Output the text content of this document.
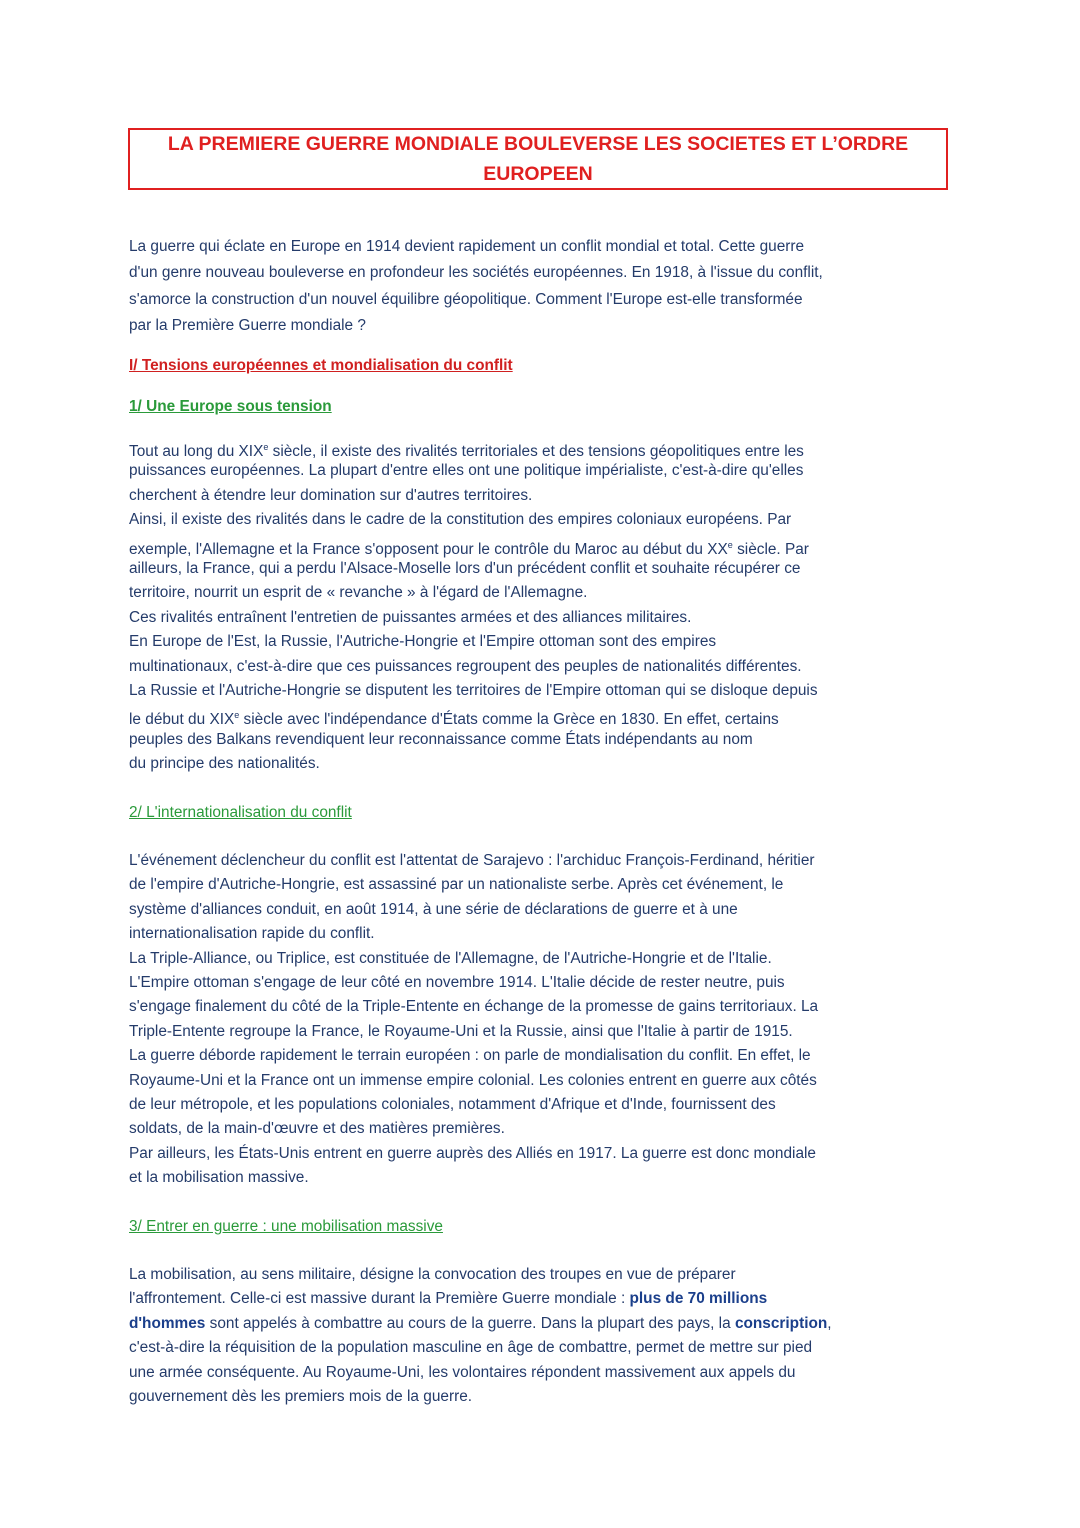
LA PREMIERE GUERRE MONDIALE BOULEVERSE LES SOCIETES ET L’ORDRE
EUROPEEN
La guerre qui éclate en Europe en 1914 devient rapidement un conflit mondial et total. Cette guerre
d'un genre nouveau bouleverse en profondeur les sociétés européennes. En 1918, à l'issue du conflit,
s'amorce la construction d'un nouvel équilibre géopolitique. Comment l'Europe est-elle transformée
par la Première Guerre mondiale ?
I/ Tensions européennes et mondialisation du conflit
1/ Une Europe sous tension
Tout au long du XIXe siècle, il existe des rivalités territoriales et des tensions géopolitiques entre les
puissances européennes. La plupart d'entre elles ont une politique impérialiste, c'est-à-dire qu'elles
cherchent à étendre leur domination sur d'autres territoires.
Ainsi, il existe des rivalités dans le cadre de la constitution des empires coloniaux européens. Par
exemple, l'Allemagne et la France s'opposent pour le contrôle du Maroc au début du XXe siècle. Par
ailleurs, la France, qui a perdu l'Alsace-Moselle lors d'un précédent conflit et souhaite récupérer ce
territoire, nourrit un esprit de « revanche » à l'égard de l'Allemagne.
Ces rivalités entraînent l'entretien de puissantes armées et des alliances militaires.
En Europe de l'Est, la Russie, l'Autriche-Hongrie et l'Empire ottoman sont des empires
multinationaux, c'est-à-dire que ces puissances regroupent des peuples de nationalités différentes.
La Russie et l'Autriche-Hongrie se disputent les territoires de l'Empire ottoman qui se disloque depuis
le début du XIXe siècle avec l'indépendance d'États comme la Grèce en 1830. En effet, certains
peuples des Balkans revendiquent leur reconnaissance comme États indépendants au nom
du principe des nationalités.
2/ L'internationalisation du conflit
L'événement déclencheur du conflit est l'attentat de Sarajevo : l'archiduc François-Ferdinand, héritier
de l'empire d'Autriche-Hongrie, est assassiné par un nationaliste serbe. Après cet événement, le
système d'alliances conduit, en août 1914, à une série de déclarations de guerre et à une
internationalisation rapide du conflit.
La Triple-Alliance, ou Triplice, est constituée de l'Allemagne, de l'Autriche-Hongrie et de l'Italie.
L'Empire ottoman s'engage de leur côté en novembre 1914. L'Italie décide de rester neutre, puis
s'engage finalement du côté de la Triple-Entente en échange de la promesse de gains territoriaux. La
Triple-Entente regroupe la France, le Royaume-Uni et la Russie, ainsi que l'Italie à partir de 1915.
La guerre déborde rapidement le terrain européen : on parle de mondialisation du conflit. En effet, le
Royaume-Uni et la France ont un immense empire colonial. Les colonies entrent en guerre aux côtés
de leur métropole, et les populations coloniales, notamment d'Afrique et d'Inde, fournissent des
soldats, de la main-d'œuvre et des matières premières.
Par ailleurs, les États-Unis entrent en guerre auprès des Alliés en 1917. La guerre est donc mondiale
et la mobilisation massive.
3/ Entrer en guerre : une mobilisation massive
La mobilisation, au sens militaire, désigne la convocation des troupes en vue de préparer
l'affrontement. Celle-ci est massive durant la Première Guerre mondiale : plus de 70 millions
d'hommes sont appelés à combattre au cours de la guerre. Dans la plupart des pays, la conscription,
c'est-à-dire la réquisition de la population masculine en âge de combattre, permet de mettre sur pied
une armée conséquente. Au Royaume-Uni, les volontaires répondent massivement aux appels du
gouvernement dès les premiers mois de la guerre.
